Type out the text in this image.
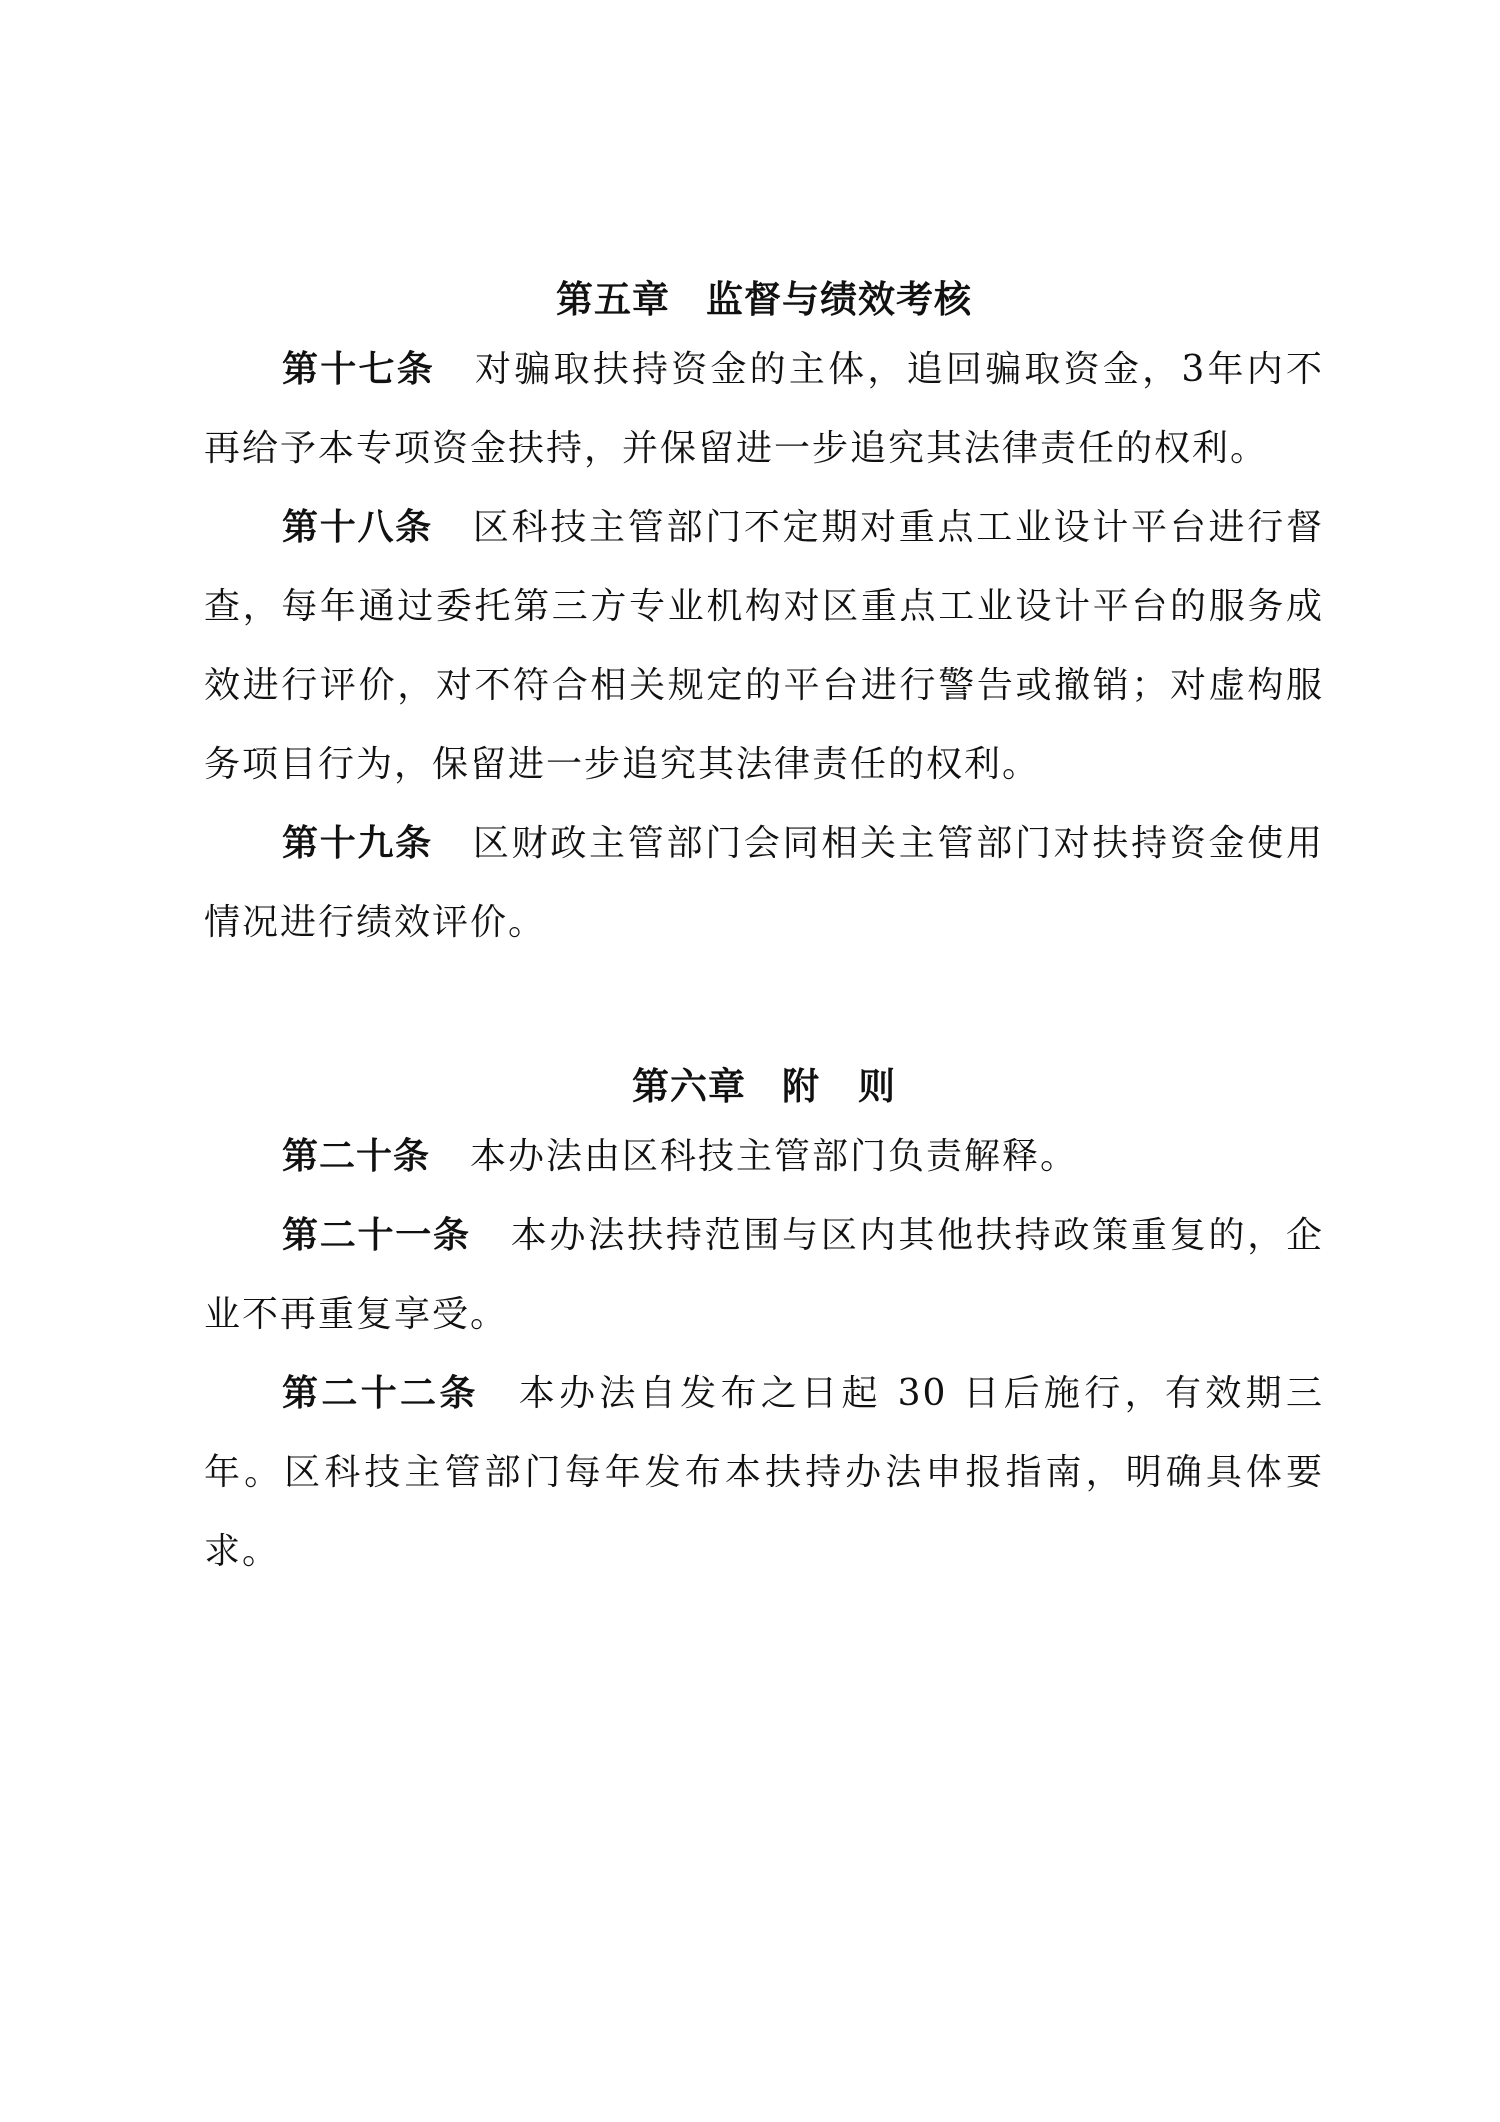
第五章 监督与绩效考核

第十七条 对骗取扶持资金的主体，追回骗取资金，3年内不再给予本专项资金扶持，并保留进一步追究其法律责任的权利。

第十八条 区科技主管部门不定期对重点工业设计平台进行督查，每年通过委托第三方专业机构对区重点工业设计平台的服务成效进行评价，对不符合相关规定的平台进行警告或撤销；对虚构服务项目行为，保留进一步追究其法律责任的权利。

第十九条 区财政主管部门会同相关主管部门对扶持资金使用情况进行绩效评价。

第六章 附　则

第二十条 本办法由区科技主管部门负责解释。

第二十一条 本办法扶持范围与区内其他扶持政策重复的，企业不再重复享受。

第二十二条 本办法自发布之日起 30 日后施行，有效期三年。区科技主管部门每年发布本扶持办法申报指南，明确具体要求。
